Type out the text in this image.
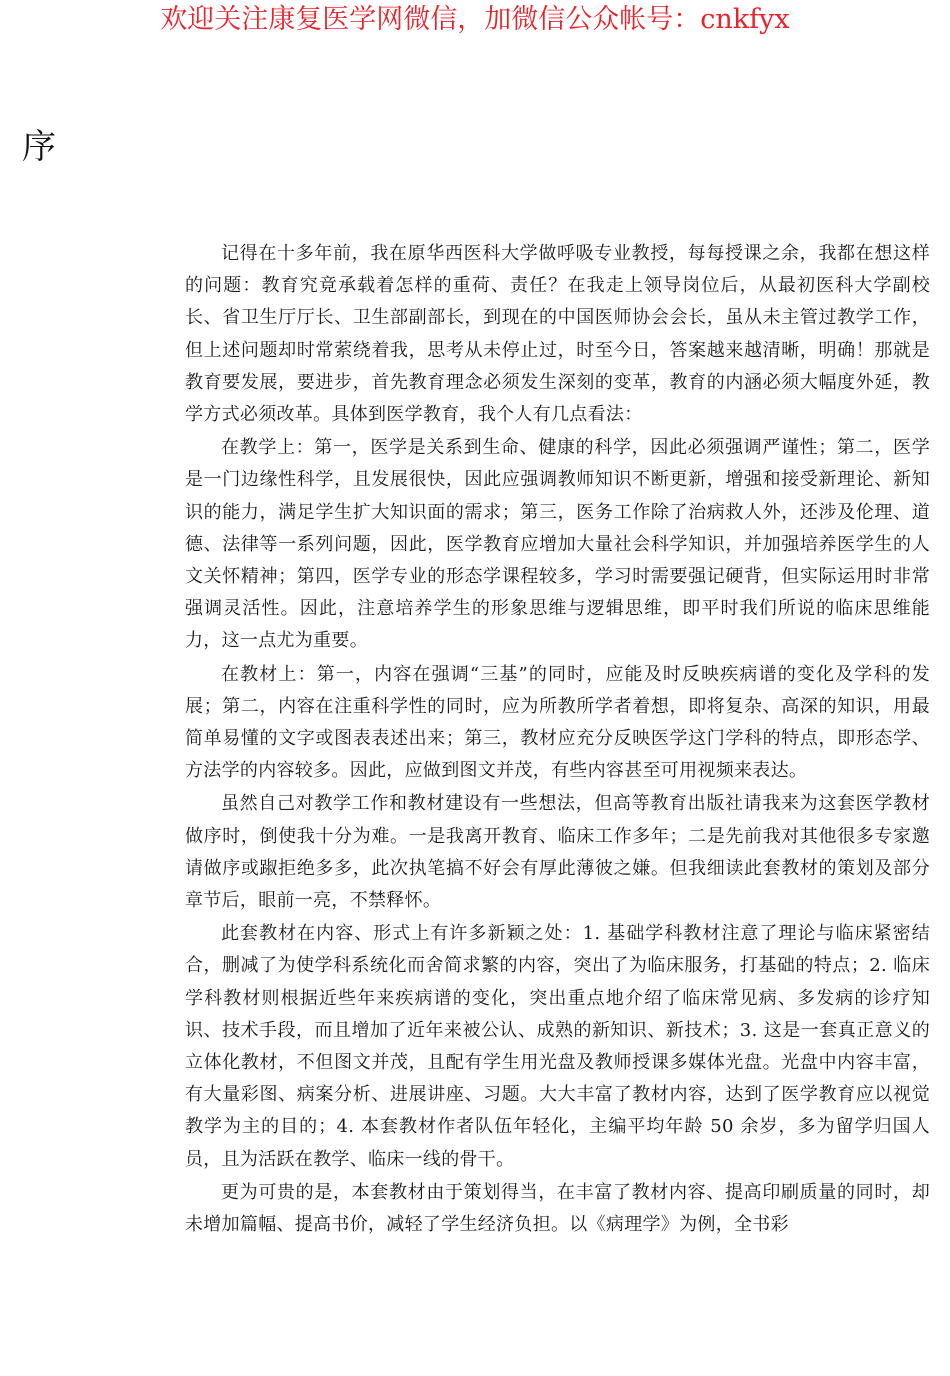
欢迎关注康复医学网微信，加微信公众帐号：cnkfyx
序

记得在十多年前，我在原华西医科大学做呼吸专业教授，每每授课之余，我都在想这样的问题：教育究竟承载着怎样的重荷、责任？在我走上领导岗位后，从最初医科大学副校长、省卫生厅厅长、卫生部副部长，到现在的中国医师协会会长，虽从未主管过教学工作，但上述问题却时常萦绕着我，思考从未停止过，时至今日，答案越来越清晰，明确！那就是教育要发展，要进步，首先教育理念必须发生深刻的变革，教育的内涵必须大幅度外延，教学方式必须改革。具体到医学教育，我个人有几点看法：

在教学上：第一，医学是关系到生命、健康的科学，因此必须强调严谨性；第二，医学是一门边缘性科学，且发展很快，因此应强调教师知识不断更新，增强和接受新理论、新知识的能力，满足学生扩大知识面的需求；第三，医务工作除了治病救人外，还涉及伦理、道德、法律等一系列问题，因此，医学教育应增加大量社会科学知识，并加强培养医学生的人文关怀精神；第四，医学专业的形态学课程较多，学习时需要强记硬背，但实际运用时非常强调灵活性。因此，注意培养学生的形象思维与逻辑思维，即平时我们所说的临床思维能力，这一点尤为重要。

在教材上：第一，内容在强调“三基”的同时，应能及时反映疾病谱的变化及学科的发展；第二，内容在注重科学性的同时，应为所教所学者着想，即将复杂、高深的知识，用最简单易懂的文字或图表表述出来；第三，教材应充分反映医学这门学科的特点，即形态学、方法学的内容较多。因此，应做到图文并茂，有些内容甚至可用视频来表达。

虽然自己对教学工作和教材建设有一些想法，但高等教育出版社请我来为这套医学教材做序时，倒使我十分为难。一是我离开教育、临床工作多年；二是先前我对其他很多专家邀请做序或踧拒绝多多，此次执笔搞不好会有厚此薄彼之嫌。但我细读此套教材的策划及部分章节后，眼前一亮，不禁释怀。

此套教材在内容、形式上有许多新颖之处：1. 基础学科教材注意了理论与临床紧密结合，删减了为使学科系统化而舍简求繁的内容，突出了为临床服务，打基础的特点；2. 临床学科教材则根据近些年来疾病谱的变化，突出重点地介绍了临床常见病、多发病的诊疗知识、技术手段，而且增加了近年来被公认、成熟的新知识、新技术；3. 这是一套真正意义的立体化教材，不但图文并茂，且配有学生用光盘及教师授课多媒体光盘。光盘中内容丰富，有大量彩图、病案分析、进展讲座、习题。大大丰富了教材内容，达到了医学教育应以视觉教学为主的目的；4. 本套教材作者队伍年轻化，主编平均年龄 50 余岁，多为留学归国人员，且为活跃在教学、临床一线的骨干。

更为可贵的是，本套教材由于策划得当，在丰富了教材内容、提高印刷质量的同时，却未增加篇幅、提高书价，减轻了学生经济负担。以《病理学》为例，全书彩
